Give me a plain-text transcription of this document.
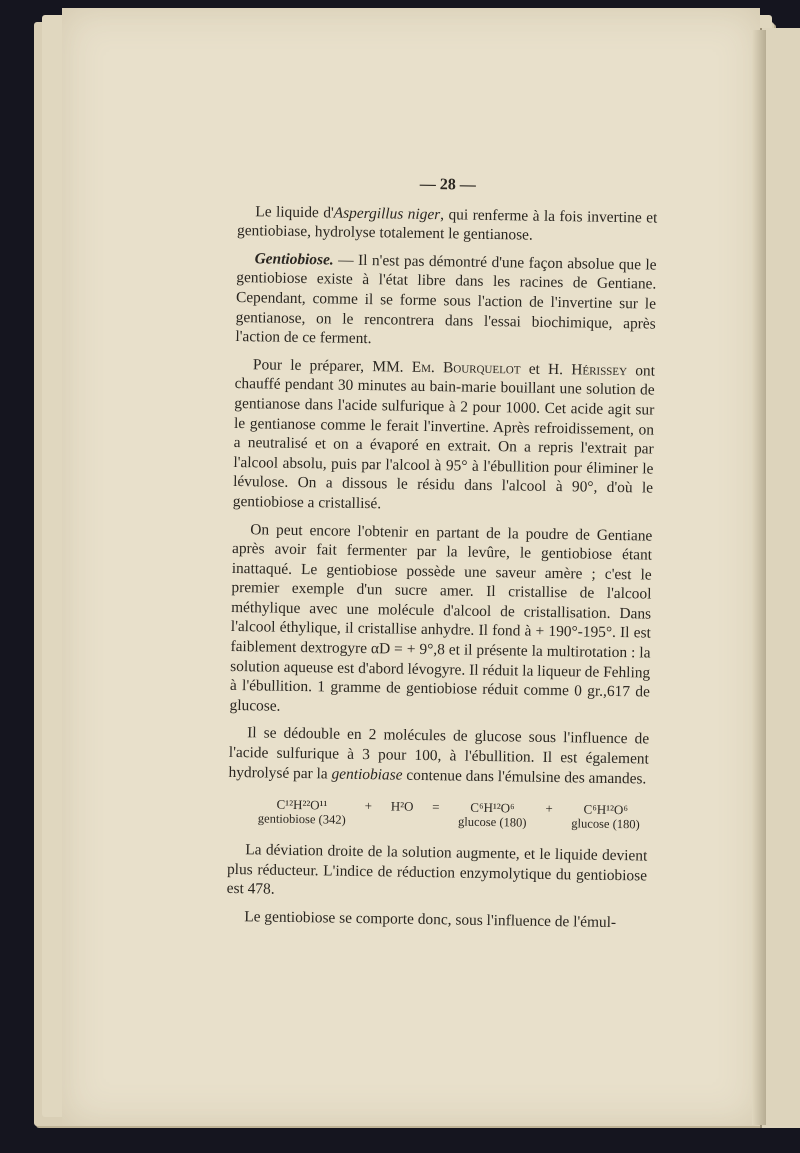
— 28 —

Le liquide d'Aspergillus niger, qui renferme à la fois invertine et gentiobiase, hydrolyse totalement le gentianose.

Gentiobiose. — Il n'est pas démontré d'une façon absolue que le gentiobiose existe à l'état libre dans les racines de Gentiane. Cependant, comme il se forme sous l'action de l'invertine sur le gentianose, on le rencontrera dans l'essai biochimique, après l'action de ce ferment.

Pour le préparer, MM. Em. Bourquelot et H. Hérissey ont chauffé pendant 30 minutes au bain-marie bouillant une solution de gentianose dans l'acide sulfurique à 2 pour 1000. Cet acide agit sur le gentianose comme le ferait l'invertine. Après refroidissement, on a neutralisé et on a évaporé en extrait. On a repris l'extrait par l'alcool absolu, puis par l'alcool à 95° à l'ébullition pour éliminer le lévulose. On a dissous le résidu dans l'alcool à 90°, d'où le gentiobiose a cristallisé.

On peut encore l'obtenir en partant de la poudre de Gentiane après avoir fait fermenter par la levûre, le gentiobiose étant inattaqué. Le gentiobiose possède une saveur amère ; c'est le premier exemple d'un sucre amer. Il cristallise de l'alcool méthylique avec une molécule d'alcool de cristallisation. Dans l'alcool éthylique, il cristallise anhydre. Il fond à + 190°-195°. Il est faiblement dextrogyre αD = + 9°,8 et il présente la multirotation : la solution aqueuse est d'abord lévogyre. Il réduit la liqueur de Fehling à l'ébullition. 1 gramme de gentiobiose réduit comme 0 gr.,617 de glucose.

Il se dédouble en 2 molécules de glucose sous l'influence de l'acide sulfurique à 3 pour 100, à l'ébullition. Il est également hydrolysé par la gentiobiase contenue dans l'émulsine des amandes.

C¹²H²²O¹¹
gentiobiose (342)
+ H²O =	C⁶H¹²O⁶
glucose (180)
+	C⁶H¹²O⁶
glucose (180)

La déviation droite de la solution augmente, et le liquide devient plus réducteur. L'indice de réduction enzymolytique du gentiobiose est 478.

Le gentiobiose se comporte donc, sous l'influence de l'émul-
